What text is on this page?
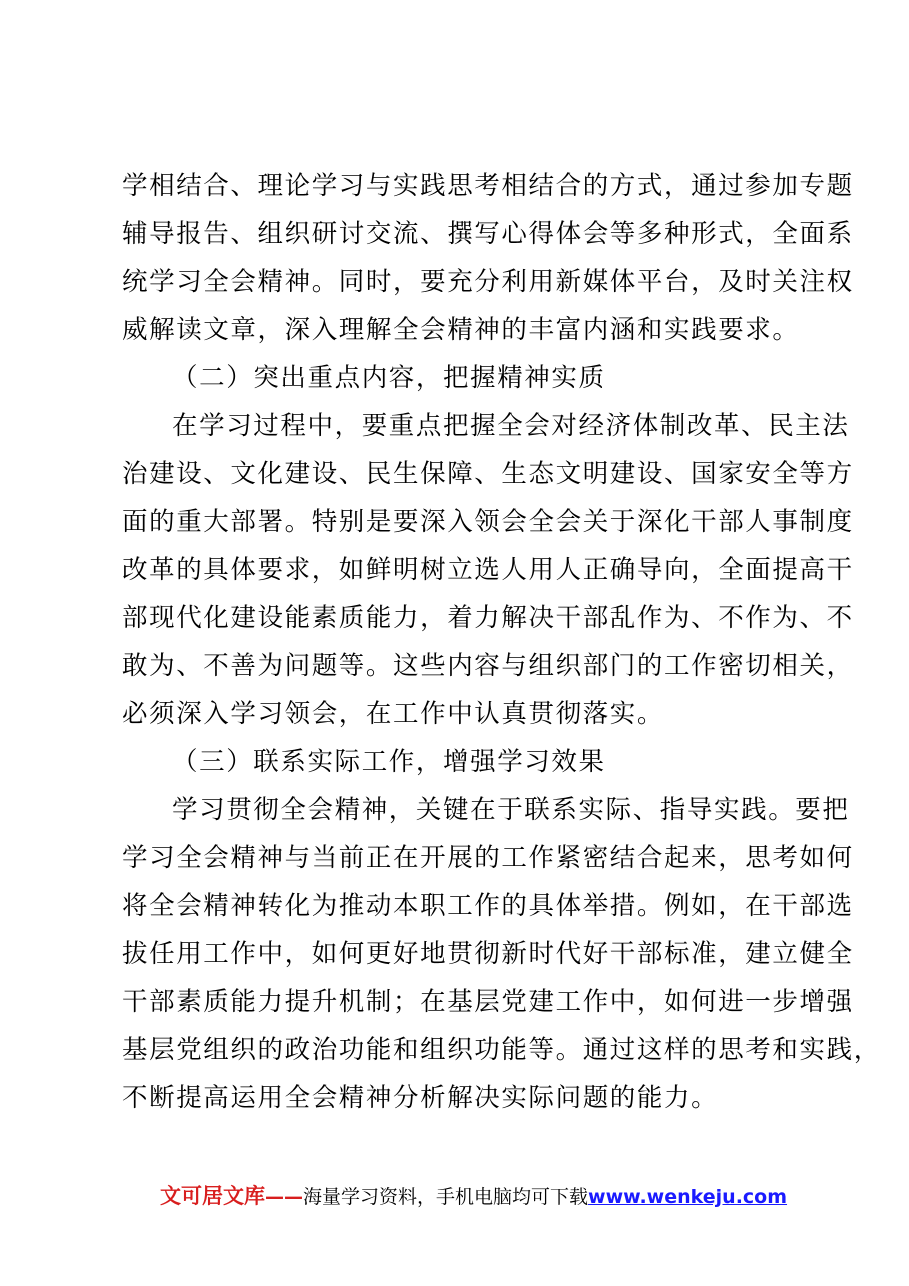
学相结合、理论学习与实践思考相结合的方式，通过参加专题
辅导报告、组织研讨交流、撰写心得体会等多种形式，全面系
统学习全会精神。同时，要充分利用新媒体平台，及时关注权
威解读文章，深入理解全会精神的丰富内涵和实践要求。
（二）突出重点内容，把握精神实质
在学习过程中，要重点把握全会对经济体制改革、民主法
治建设、文化建设、民生保障、生态文明建设、国家安全等方
面的重大部署。特别是要深入领会全会关于深化干部人事制度
改革的具体要求，如鲜明树立选人用人正确导向，全面提高干
部现代化建设能素质能力，着力解决干部乱作为、不作为、不
敢为、不善为问题等。这些内容与组织部门的工作密切相关，
必须深入学习领会，在工作中认真贯彻落实。
（三）联系实际工作，增强学习效果
学习贯彻全会精神，关键在于联系实际、指导实践。要把
学习全会精神与当前正在开展的工作紧密结合起来，思考如何
将全会精神转化为推动本职工作的具体举措。例如，在干部选
拔任用工作中，如何更好地贯彻新时代好干部标准，建立健全
干部素质能力提升机制；在基层党建工作中，如何进一步增强
基层党组织的政治功能和组织功能等。通过这样的思考和实践，
不断提高运用全会精神分析解决实际问题的能力。
文可居文库——海量学习资料，手机电脑均可下载www.wenkeju.com
